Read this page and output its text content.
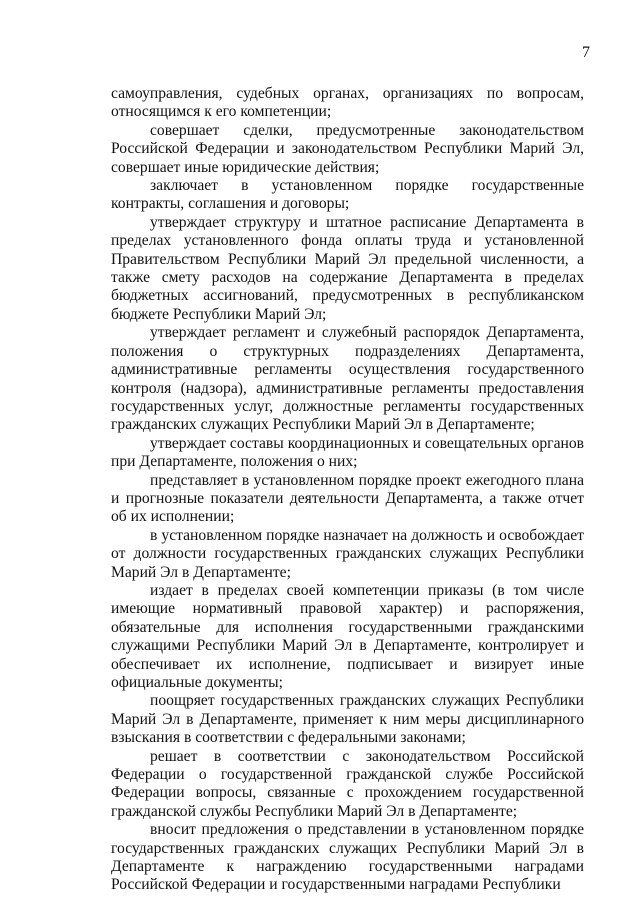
7

самоуправления, судебных органах, организациях по вопросам, относящимся к его компетенции;

совершает сделки, предусмотренные законодательством Российской Федерации и законодательством Республики Марий Эл, совершает иные юридические действия;

заключает в установленном порядке государственные контракты, соглашения и договоры;

утверждает структуру и штатное расписание Департамента в пределах установленного фонда оплаты труда и установленной Правительством Республики Марий Эл предельной численности, а также смету расходов на содержание Департамента в пределах бюджетных ассигнований, предусмотренных в республиканском бюджете Республики Марий Эл;

утверждает регламент и служебный распорядок Департамента, положения о структурных подразделениях Департамента, административные регламенты осуществления государственного контроля (надзора), административные регламенты предоставления государственных услуг, должностные регламенты государственных гражданских служащих Республики Марий Эл в Департаменте;

утверждает составы координационных и совещательных органов при Департаменте, положения о них;

представляет в установленном порядке проект ежегодного плана и прогнозные показатели деятельности Департамента, а также отчет об их исполнении;

в установленном порядке назначает на должность и освобождает от должности государственных гражданских служащих Республики Марий Эл в Департаменте;

издает в пределах своей компетенции приказы (в том числе имеющие нормативный правовой характер) и распоряжения, обязательные для исполнения государственными гражданскими служащими Республики Марий Эл в Департаменте, контролирует и обеспечивает их исполнение, подписывает и визирует иные официальные документы;

поощряет государственных гражданских служащих Республики Марий Эл в Департаменте, применяет к ним меры дисциплинарного взыскания в соответствии с федеральными законами;

решает в соответствии с законодательством Российской Федерации о государственной гражданской службе Российской Федерации вопросы, связанные с прохождением государственной гражданской службы Республики Марий Эл в Департаменте;

вносит предложения о представлении в установленном порядке государственных гражданских служащих Республики Марий Эл в Департаменте к награждению государственными наградами Российской Федерации и государственными наградами Республики
